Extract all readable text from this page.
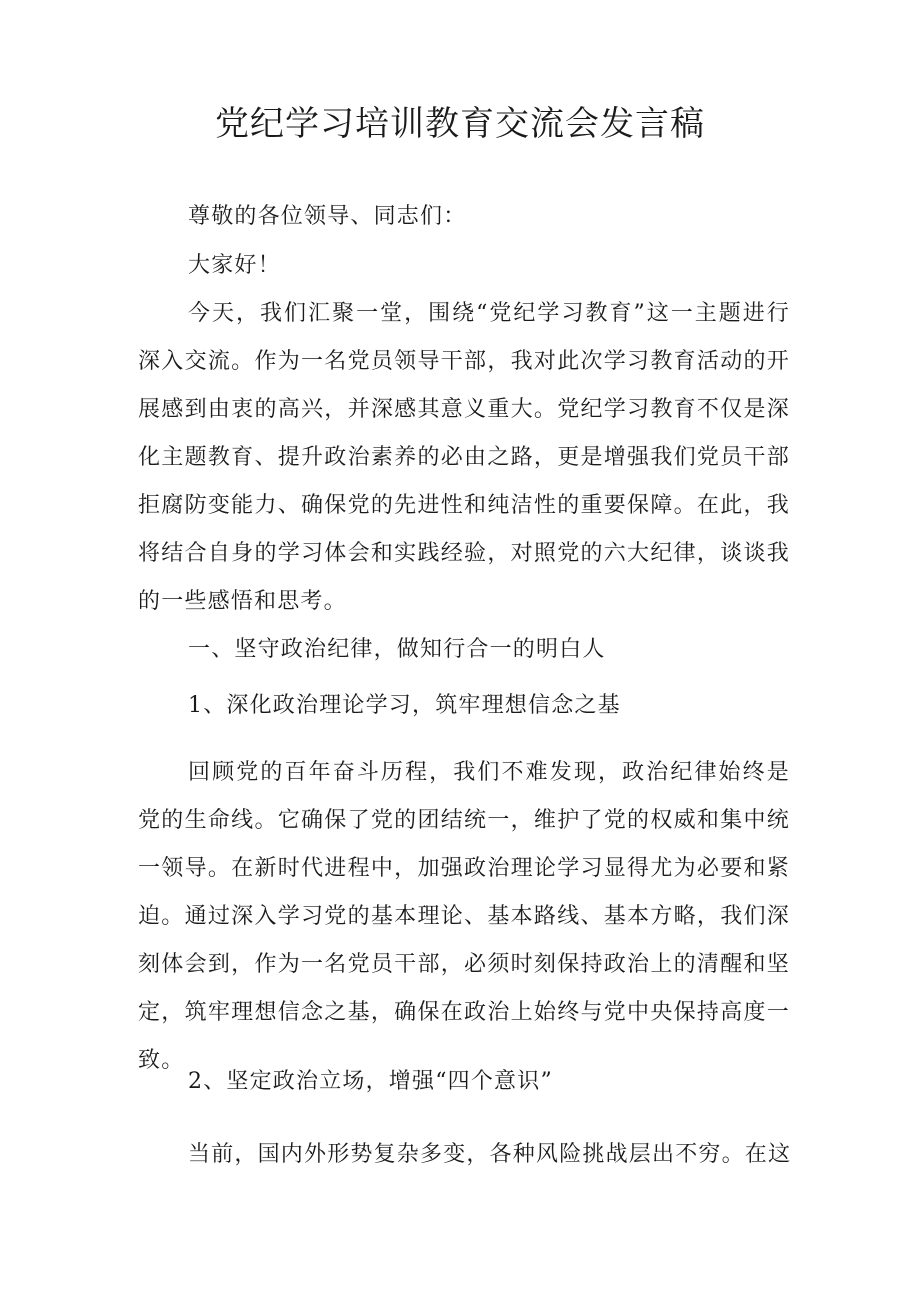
党纪学习培训教育交流会发言稿

尊敬的各位领导、同志们：

大家好！

今天，我们汇聚一堂，围绕“党纪学习教育”这一主题进行深入交流。作为一名党员领导干部，我对此次学习教育活动的开展感到由衷的高兴，并深感其意义重大。党纪学习教育不仅是深化主题教育、提升政治素养的必由之路，更是增强我们党员干部拒腐防变能力、确保党的先进性和纯洁性的重要保障。在此，我将结合自身的学习体会和实践经验，对照党的六大纪律，谈谈我的一些感悟和思考。

一、坚守政治纪律，做知行合一的明白人

1、深化政治理论学习，筑牢理想信念之基

回顾党的百年奋斗历程，我们不难发现，政治纪律始终是党的生命线。它确保了党的团结统一，维护了党的权威和集中统一领导。在新时代进程中，加强政治理论学习显得尤为必要和紧迫。通过深入学习党的基本理论、基本路线、基本方略，我们深刻体会到，作为一名党员干部，必须时刻保持政治上的清醒和坚定，筑牢理想信念之基，确保在政治上始终与党中央保持高度一致。

2、坚定政治立场，增强“四个意识”

当前，国内外形势复杂多变，各种风险挑战层出不穷。在这
